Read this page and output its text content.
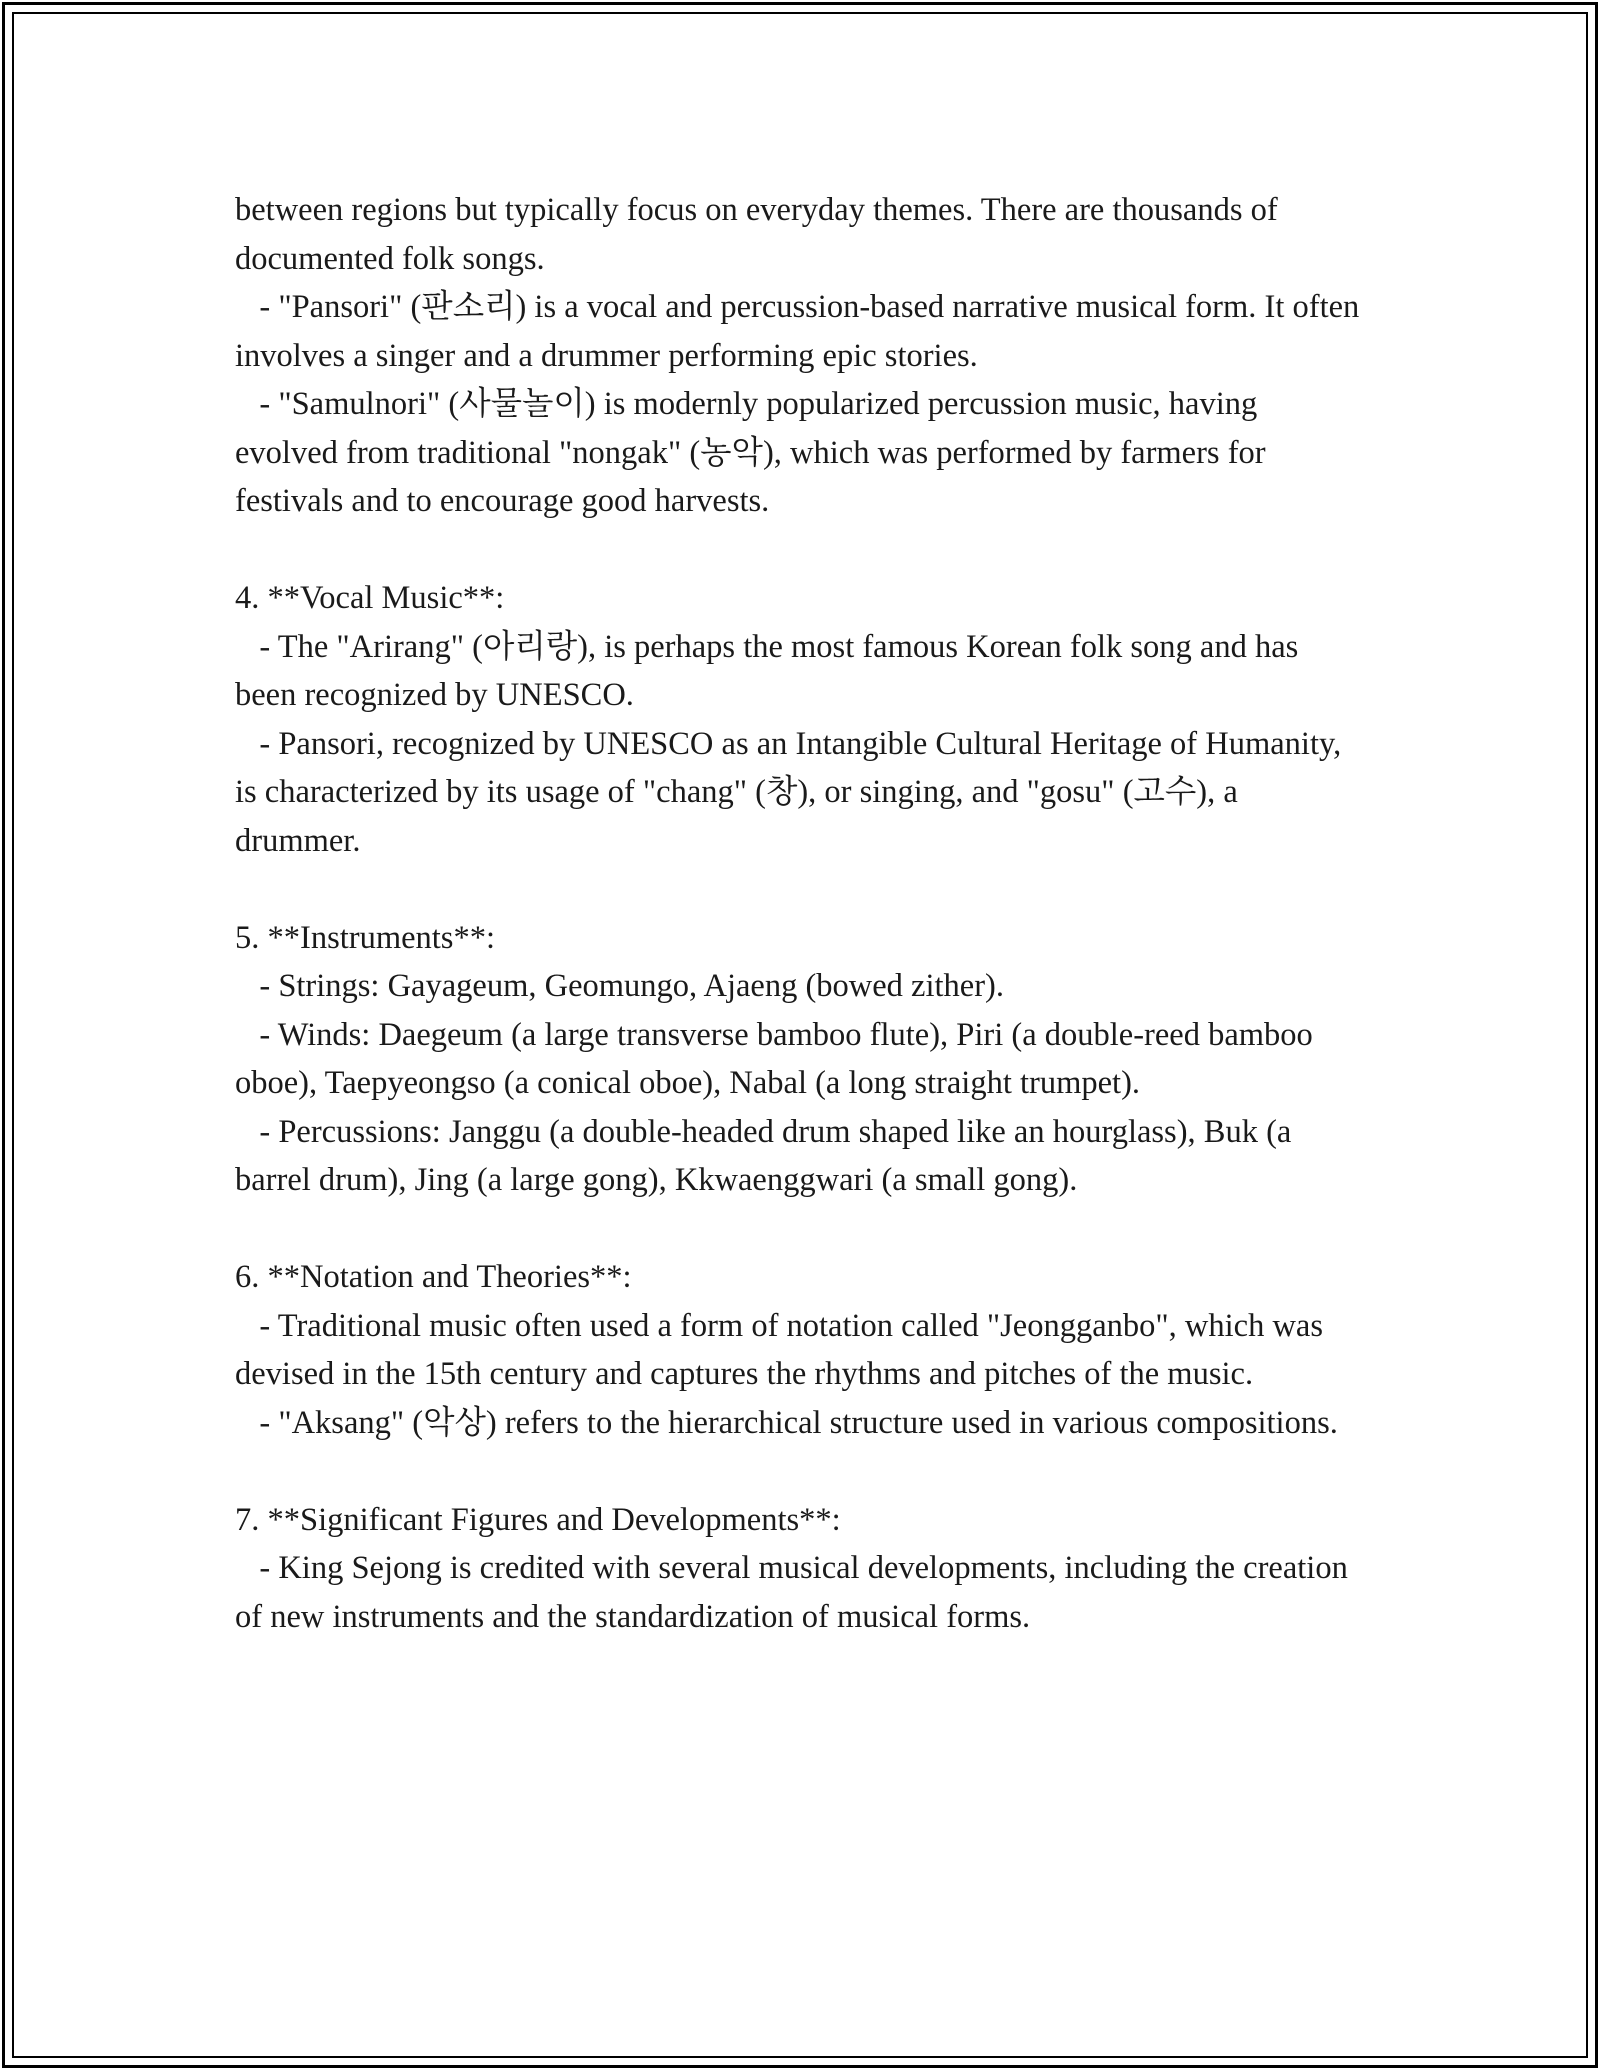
between regions but typically focus on everyday themes. There are thousands of documented folk songs.

- "Pansori" (판소리) is a vocal and percussion-based narrative musical form. It often involves a singer and a drummer performing epic stories.

- "Samulnori" (사물놀이) is modernly popularized percussion music, having evolved from traditional "nongak" (농악), which was performed by farmers for festivals and to encourage good harvests.

4. **Vocal Music**:

- The "Arirang" (아리랑), is perhaps the most famous Korean folk song and has been recognized by UNESCO.

- Pansori, recognized by UNESCO as an Intangible Cultural Heritage of Humanity, is characterized by its usage of "chang" (창), or singing, and "gosu" (고수), a drummer.

5. **Instruments**:

- Strings: Gayageum, Geomungo, Ajaeng (bowed zither).

- Winds: Daegeum (a large transverse bamboo flute), Piri (a double-reed bamboo oboe), Taepyeongso (a conical oboe), Nabal (a long straight trumpet).

- Percussions: Janggu (a double-headed drum shaped like an hourglass), Buk (a barrel drum), Jing (a large gong), Kkwaenggwari (a small gong).

6. **Notation and Theories**:

- Traditional music often used a form of notation called "Jeongganbo", which was devised in the 15th century and captures the rhythms and pitches of the music.

- "Aksang" (악상) refers to the hierarchical structure used in various compositions.

7. **Significant Figures and Developments**:

- King Sejong is credited with several musical developments, including the creation of new instruments and the standardization of musical forms.
